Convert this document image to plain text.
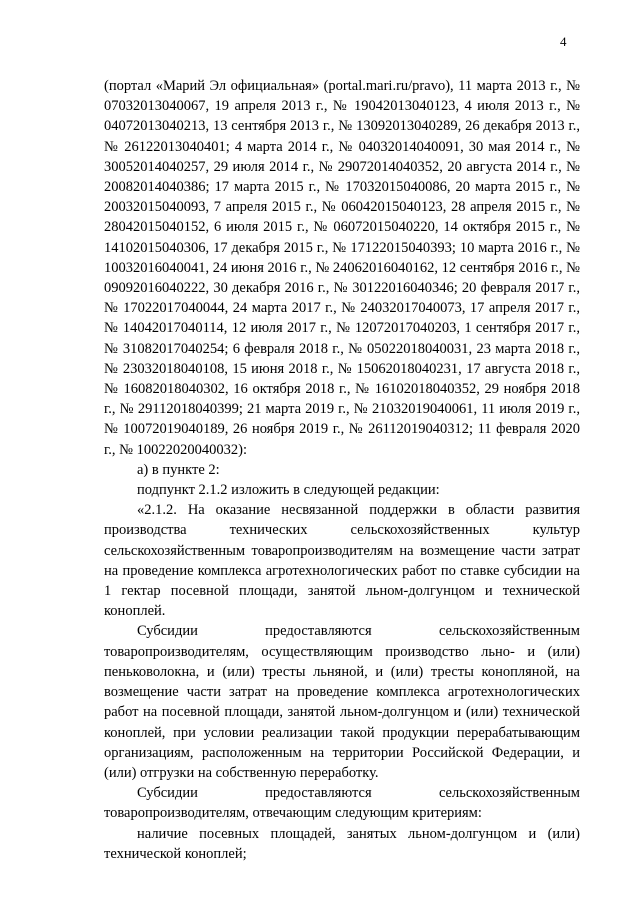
4

(портал «Марий Эл официальная» (portal.mari.ru/pravo), 11 марта 2013 г., № 07032013040067, 19 апреля 2013 г., № 19042013040123, 4 июля 2013 г., № 04072013040213, 13 сентября 2013 г., № 13092013040289, 26 декабря 2013 г., № 26122013040401; 4 марта 2014 г., № 04032014040091, 30 мая 2014 г., № 30052014040257, 29 июля 2014 г., № 29072014040352, 20 августа 2014 г., № 20082014040386; 17 марта 2015 г., № 17032015040086, 20 марта 2015 г., № 20032015040093, 7 апреля 2015 г., № 06042015040123, 28 апреля 2015 г., № 28042015040152, 6 июля 2015 г., № 06072015040220, 14 октября 2015 г., № 14102015040306, 17 декабря 2015 г., № 17122015040393; 10 марта 2016 г., № 10032016040041, 24 июня 2016 г., № 24062016040162, 12 сентября 2016 г., № 09092016040222, 30 декабря 2016 г., № 30122016040346; 20 февраля 2017 г., № 17022017040044, 24 марта 2017 г., № 24032017040073, 17 апреля 2017 г., № 14042017040114, 12 июля 2017 г., № 12072017040203, 1 сентября 2017 г., № 31082017040254; 6 февраля 2018 г., № 05022018040031, 23 марта 2018 г., № 23032018040108, 15 июня 2018 г., № 15062018040231, 17 августа 2018 г., № 16082018040302, 16 октября 2018 г., № 16102018040352, 29 ноября 2018 г., № 29112018040399; 21 марта 2019 г., № 21032019040061, 11 июля 2019 г., № 10072019040189, 26 ноября 2019 г., № 26112019040312; 11 февраля 2020 г., № 10022020040032):

а) в пункте 2:

подпункт 2.1.2 изложить в следующей редакции:

«2.1.2. На оказание несвязанной поддержки в области развития производства технических сельскохозяйственных культур сельскохозяйственным товаропроизводителям на возмещение части затрат на проведение комплекса агротехнологических работ по ставке субсидии на 1 гектар посевной площади, занятой льном-долгунцом и технической коноплей.

Субсидии предоставляются сельскохозяйственным товаропроизводителям, осуществляющим производство льно- и (или) пеньковолокна, и (или) тресты льняной, и (или) тресты конопляной, на возмещение части затрат на проведение комплекса агротехнологических работ на посевной площади, занятой льном-долгунцом и (или) технической коноплей, при условии реализации такой продукции перерабатывающим организациям, расположенным на территории Российской Федерации, и (или) отгрузки на собственную переработку.

Субсидии предоставляются сельскохозяйственным товаропроизводителям, отвечающим следующим критериям:

наличие посевных площадей, занятых льном-долгунцом и (или) технической коноплей;
